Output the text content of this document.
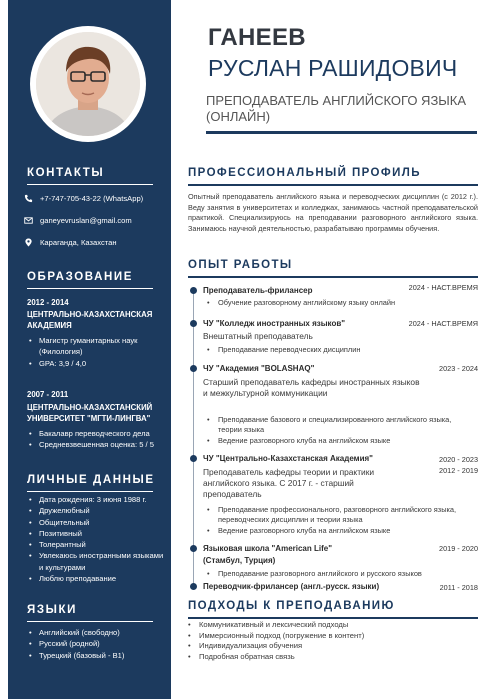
КОНТАКТЫ
+7-747-705-43-22 (WhatsApp)
ganeyevruslan@gmail.com
Караганда, Казахстан
ОБРАЗОВАНИЕ
2012 - 2014
ЦЕНТРАЛЬНО-КАЗАХСТАНСКАЯ АКАДЕМИЯ
• Магистр гуманитарных наук (Филология)
• GPA: 3,9 / 4,0
2007 - 2011
ЦЕНТРАЛЬНО-КАЗАХСТАНСКИЙ УНИВЕРСИТЕТ "МГТИ-ЛИНГВА"
• Бакалавр переводческого дела
• Средневзвешенная оценка: 5 / 5
ЛИЧНЫЕ ДАННЫЕ
• Дата рождения: 3 июня 1988 г.
• Дружелюбный
• Общительный
• Позитивный
• Толерантный
• Увлекаюсь иностранными языками и культурами
• Люблю преподавание
ЯЗЫКИ
• Английский (свободно)
• Русский (родной)
• Турецкий (базовый - B1)
ГАНЕЕВ
РУСЛАН РАШИДОВИЧ
ПРЕПОДАВАТЕЛЬ АНГЛИЙСКОГО ЯЗЫКА (ОНЛАЙН)
ПРОФЕССИОНАЛЬНЫЙ ПРОФИЛЬ
Опытный преподаватель английского языка и переводческих дисциплин (с 2012 г.). Веду занятия в университетах и колледжах, занимаюсь частной преподавательской практикой. Специализируюсь на преподавании разговорного английского языка. Занимаюсь научной деятельностью, разрабатываю программы обучения.
ОПЫТ РАБОТЫ
Преподаватель-фрилансер	2024 - НАСТ.ВРЕМЯ
• Обучение разговорному английскому языку онлайн
ЧУ "Колледж иностранных языков"	2024 - НАСТ.ВРЕМЯ
Внештатный преподаватель
• Преподавание переводческих дисциплин
ЧУ "Академия "BOLASHAQ"	2023 - 2024
Старший преподаватель кафедры иностранных языков и межкультурной коммуникации
• Преподавание базового и специализированного английского языка, теории языка
• Ведение разговорного клуба на английском языке
ЧУ "Центрально-Казахстанская Академия"	2020 - 2023
2012 - 2019
Преподаватель кафедры теории и практики английского языка. С 2017 г. - старший преподаватель
• Преподавание профессионального, разговорного английского языка, переводческих дисциплин и теории языка
• Ведение разговорного клуба на английском языке
Языковая школа "American Life"
(Стамбул, Турция)
2019 - 2020
• Преподавание разговорного английского и русского языков
Переводчик-фрилансер (англ.-русск. языки)	2011 - 2018
ПОДХОДЫ К ПРЕПОДАВАНИЮ
• Коммуникативный и лексический подходы
• Иммерсионный подход (погружение в контент)
• Индивидуализация обучения
• Подробная обратная связь
